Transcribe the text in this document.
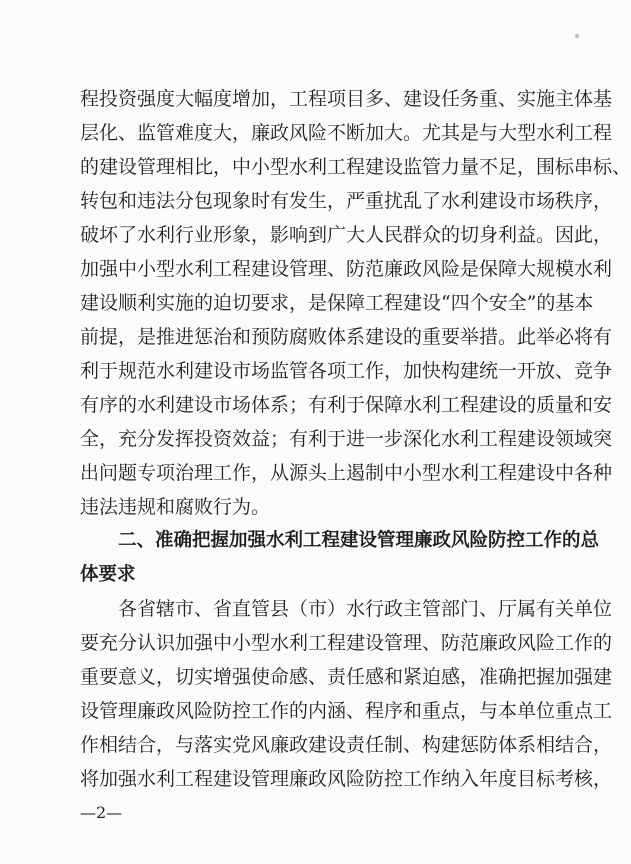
程投资强度大幅度增加，工程项目多、建设任务重、实施主体基
层化、监管难度大，廉政风险不断加大。尤其是与大型水利工程
的建设管理相比，中小型水利工程建设监管力量不足，围标串标、
转包和违法分包现象时有发生，严重扰乱了水利建设市场秩序，
破坏了水利行业形象，影响到广大人民群众的切身利益。因此，
加强中小型水利工程建设管理、防范廉政风险是保障大规模水利
建设顺利实施的迫切要求，是保障工程建设“四个安全”的基本
前提，是推进惩治和预防腐败体系建设的重要举措。此举必将有
利于规范水利建设市场监管各项工作，加快构建统一开放、竞争
有序的水利建设市场体系；有利于保障水利工程建设的质量和安
全，充分发挥投资效益；有利于进一步深化水利工程建设领域突
出问题专项治理工作，从源头上遏制中小型水利工程建设中各种
违法违规和腐败行为。
二、准确把握加强水利工程建设管理廉政风险防控工作的总
体要求
各省辖市、省直管县（市）水行政主管部门、厅属有关单位
要充分认识加强中小型水利工程建设管理、防范廉政风险工作的
重要意义，切实增强使命感、责任感和紧迫感，准确把握加强建
设管理廉政风险防控工作的内涵、程序和重点，与本单位重点工
作相结合，与落实党风廉政建设责任制、构建惩防体系相结合，
将加强水利工程建设管理廉政风险防控工作纳入年度目标考核，
—2—
